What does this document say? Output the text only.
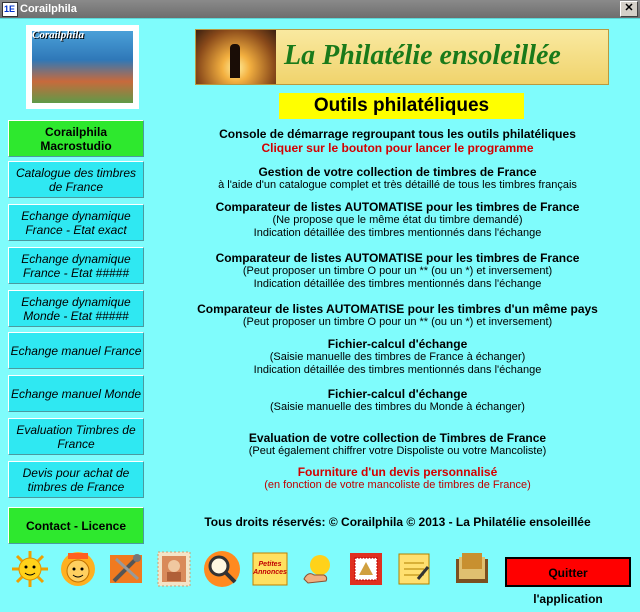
1E Corailphila	✕
Corailphila
La Philatélie ensoleillée
Outils philatéliques
Corailphila Macrostudio
Catalogue des timbres de France
Echange dynamique France - Etat exact
Echange dynamique France - Etat #####
Echange dynamique Monde - Etat #####
Echange manuel France
Echange manuel Monde
Evaluation Timbres de France
Devis pour achat de timbres de France
Contact - Licence
Console de démarrage regroupant tous les outils philatéliques
Cliquer sur le bouton pour lancer le programme
Gestion de votre collection de timbres de France
à l'aide d'un catalogue complet et très détaillé de tous les timbres français
Comparateur de listes AUTOMATISE pour les timbres de France
(Ne propose que le même état du timbre demandé)
Indication détaillée des timbres mentionnés dans l'échange
Comparateur de listes AUTOMATISE pour les timbres de France
(Peut proposer un timbre O pour un ** (ou un *) et inversement)
Indication détaillée des timbres mentionnés dans l'échange
Comparateur de listes AUTOMATISE pour les timbres d'un même pays
(Peut proposer un timbre O pour un ** (ou un *) et inversement)
Fichier-calcul d'échange
(Saisie manuelle des timbres de France à échanger)
Indication détaillée des timbres mentionnés dans l'échange
Fichier-calcul d'échange
(Saisie manuelle des timbres du Monde à échanger)
Evaluation de votre collection de Timbres de France
(Peut également chiffrer votre Dispoliste ou votre Mancoliste)
Fourniture d'un devis personnalisé
(en fonction de votre mancoliste de timbres de France)
Tous droits réservés: © Corailphila © 2013 - La Philatélie ensoleillée
Petites Annonces	Quitter l'application
